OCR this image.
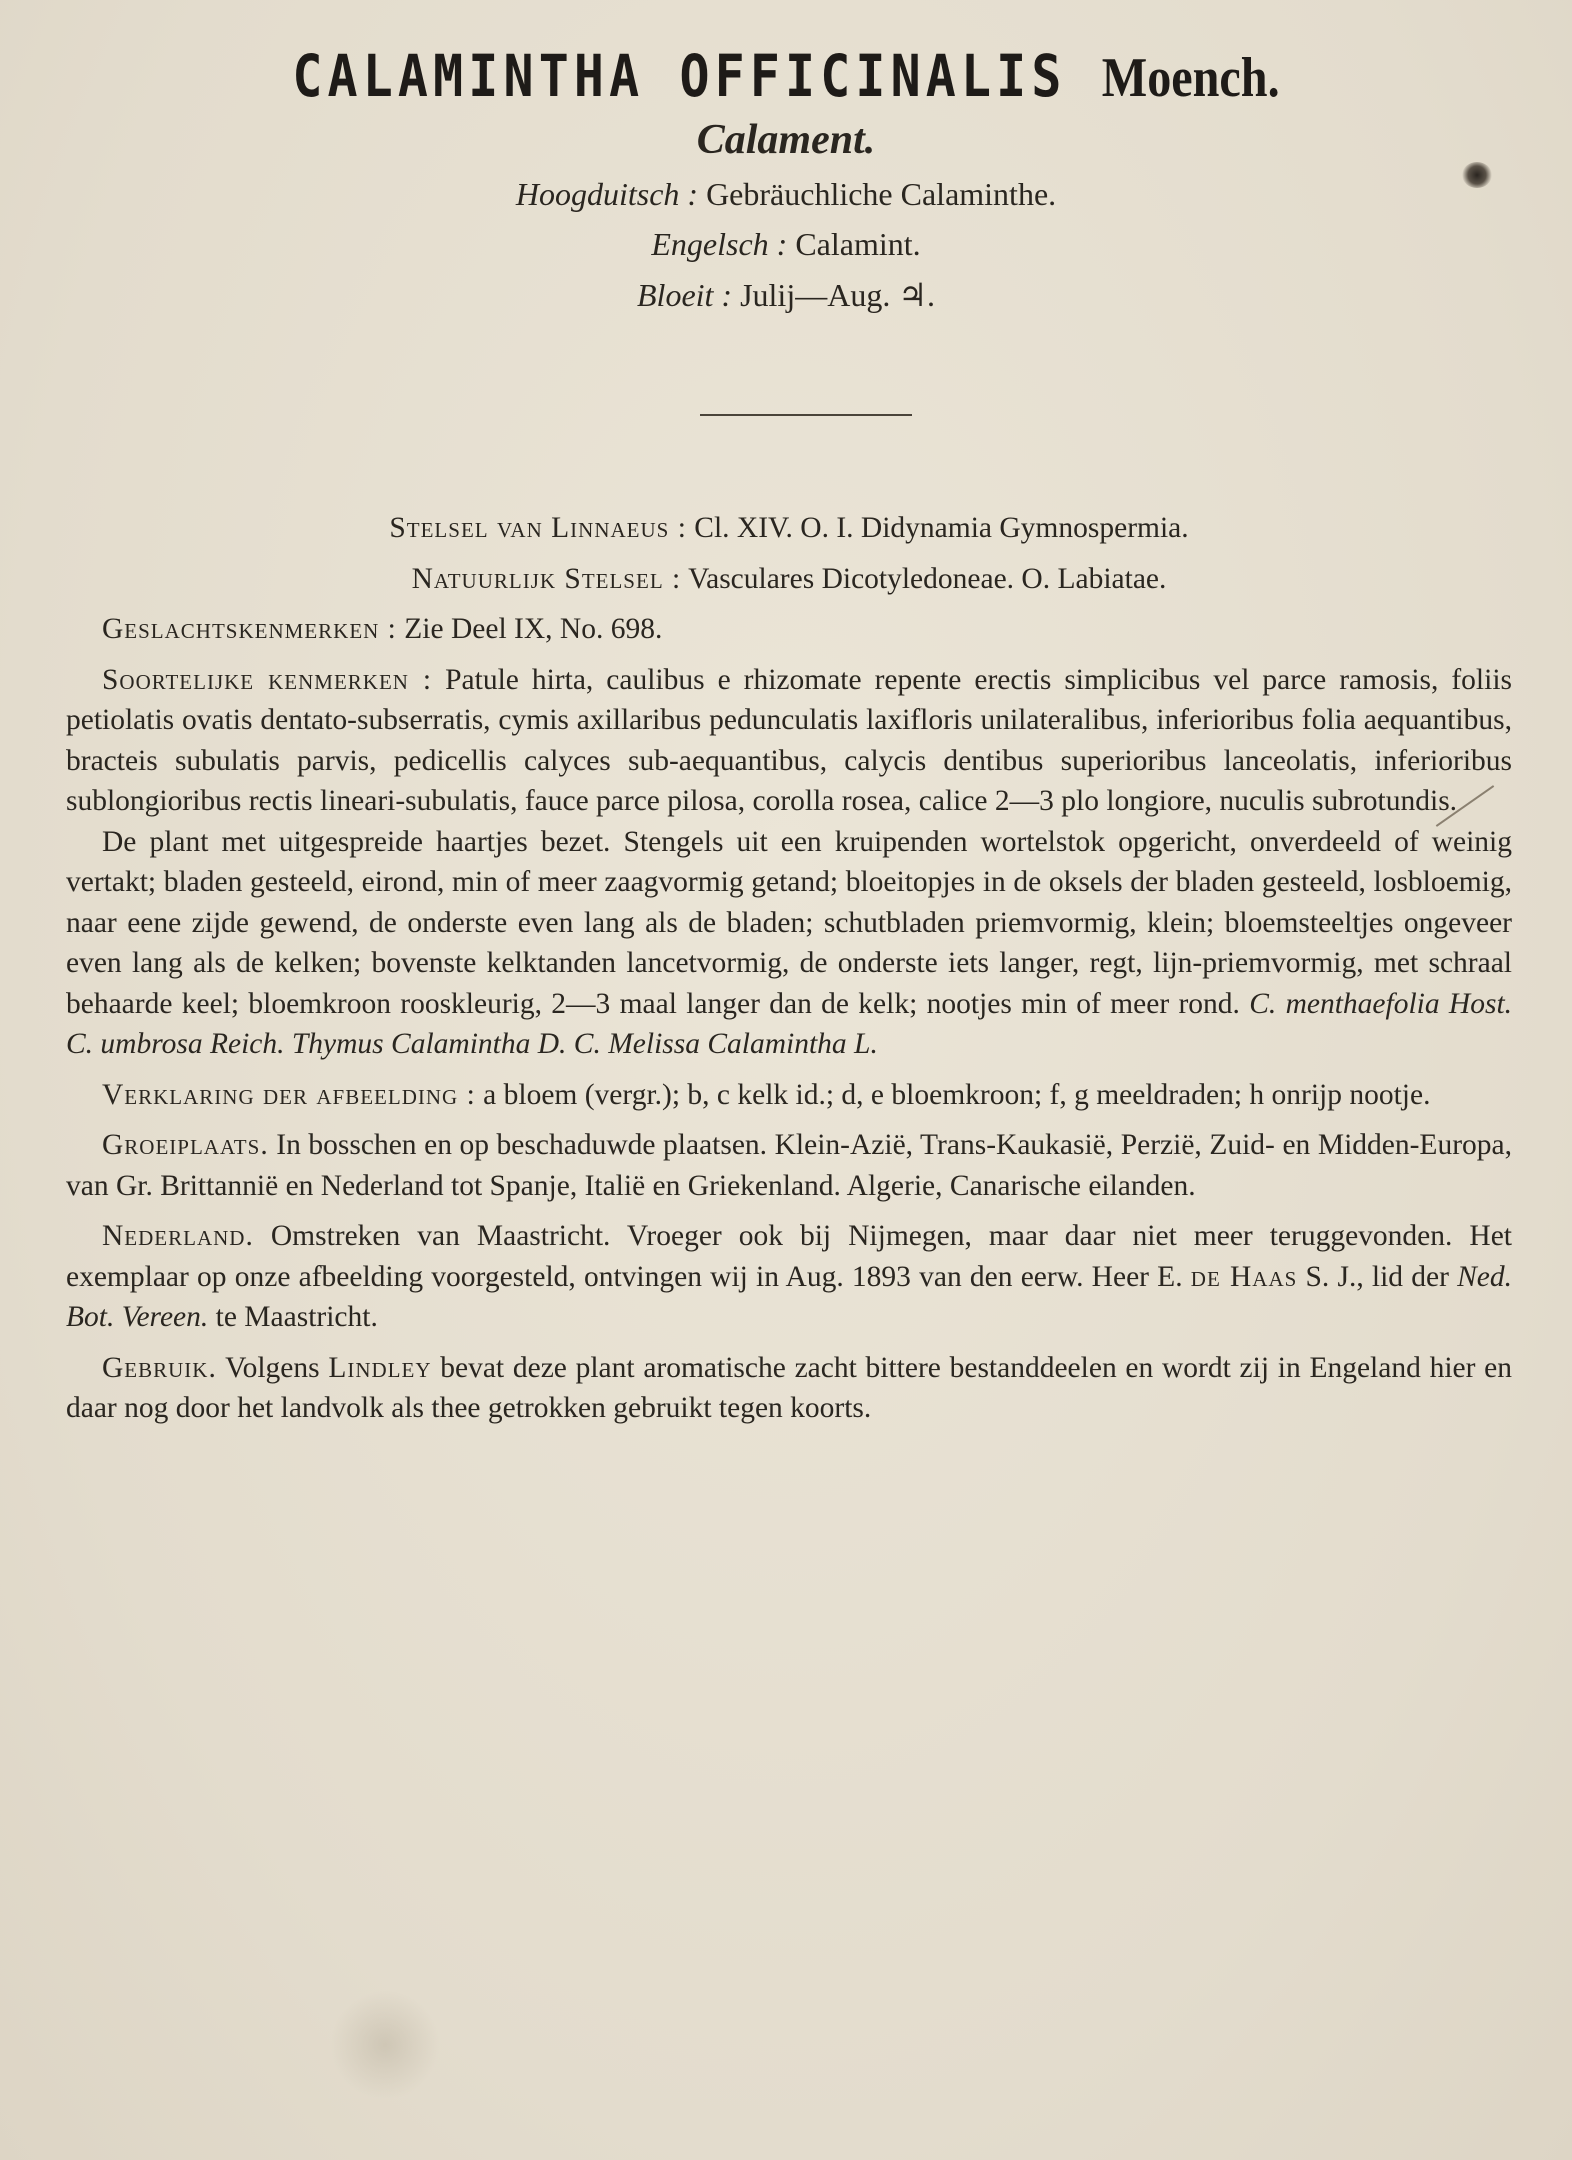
CALAMINTHA OFFICINALIS Moench.
Calament.
Hoogduitsch : Gebräuchliche Calaminthe.
Engelsch : Calamint.
Bloeit : Julij—Aug. ♃.

Stelsel van Linnaeus : Cl. XIV. O. I. Didynamia Gymnospermia.

Natuurlijk Stelsel : Vasculares Dicotyledoneae. O. Labiatae.

Geslachtskenmerken : Zie Deel IX, No. 698.

Soortelijke kenmerken : Patule hirta, caulibus e rhizomate repente erectis simplicibus vel parce ramosis, foliis petiolatis ovatis dentato-subserratis, cymis axillaribus pedunculatis laxifloris unilateralibus, inferioribus folia aequantibus, bracteis subulatis parvis, pedicellis calyces sub-aequantibus, calycis dentibus superioribus lanceolatis, inferioribus sublongioribus rectis lineari-subulatis, fauce parce pilosa, corolla rosea, calice 2—3 plo longiore, nuculis subrotundis.

De plant met uitgespreide haartjes bezet. Stengels uit een kruipenden wortelstok opgericht, onverdeeld of weinig vertakt; bladen gesteeld, eirond, min of meer zaagvormig getand; bloeitopjes in de oksels der bladen gesteeld, losbloemig, naar eene zijde gewend, de onderste even lang als de bladen; schutbladen priemvormig, klein; bloemsteeltjes ongeveer even lang als de kelken; bovenste kelktanden lancetvormig, de onderste iets langer, regt, lijn-priemvormig, met schraal behaarde keel; bloemkroon rooskleurig, 2—3 maal langer dan de kelk; nootjes min of meer rond. C. menthaefolia Host. C. umbrosa Reich. Thymus Calamintha D. C. Melissa Calamintha L.

Verklaring der afbeelding : a bloem (vergr.); b, c kelk id.; d, e bloemkroon; f, g meeldraden; h onrijp nootje.

Groeiplaats. In bosschen en op beschaduwde plaatsen. Klein-Azië, Trans-Kaukasië, Perzië, Zuid- en Midden-Europa, van Gr. Brittannië en Nederland tot Spanje, Italië en Griekenland. Algerie, Canarische eilanden.

Nederland. Omstreken van Maastricht. Vroeger ook bij Nijmegen, maar daar niet meer teruggevonden. Het exemplaar op onze afbeelding voorgesteld, ontvingen wij in Aug. 1893 van den eerw. Heer E. de Haas S. J., lid der Ned. Bot. Vereen. te Maastricht.

Gebruik. Volgens Lindley bevat deze plant aromatische zacht bittere bestanddeelen en wordt zij in Engeland hier en daar nog door het landvolk als thee getrokken gebruikt tegen koorts.
